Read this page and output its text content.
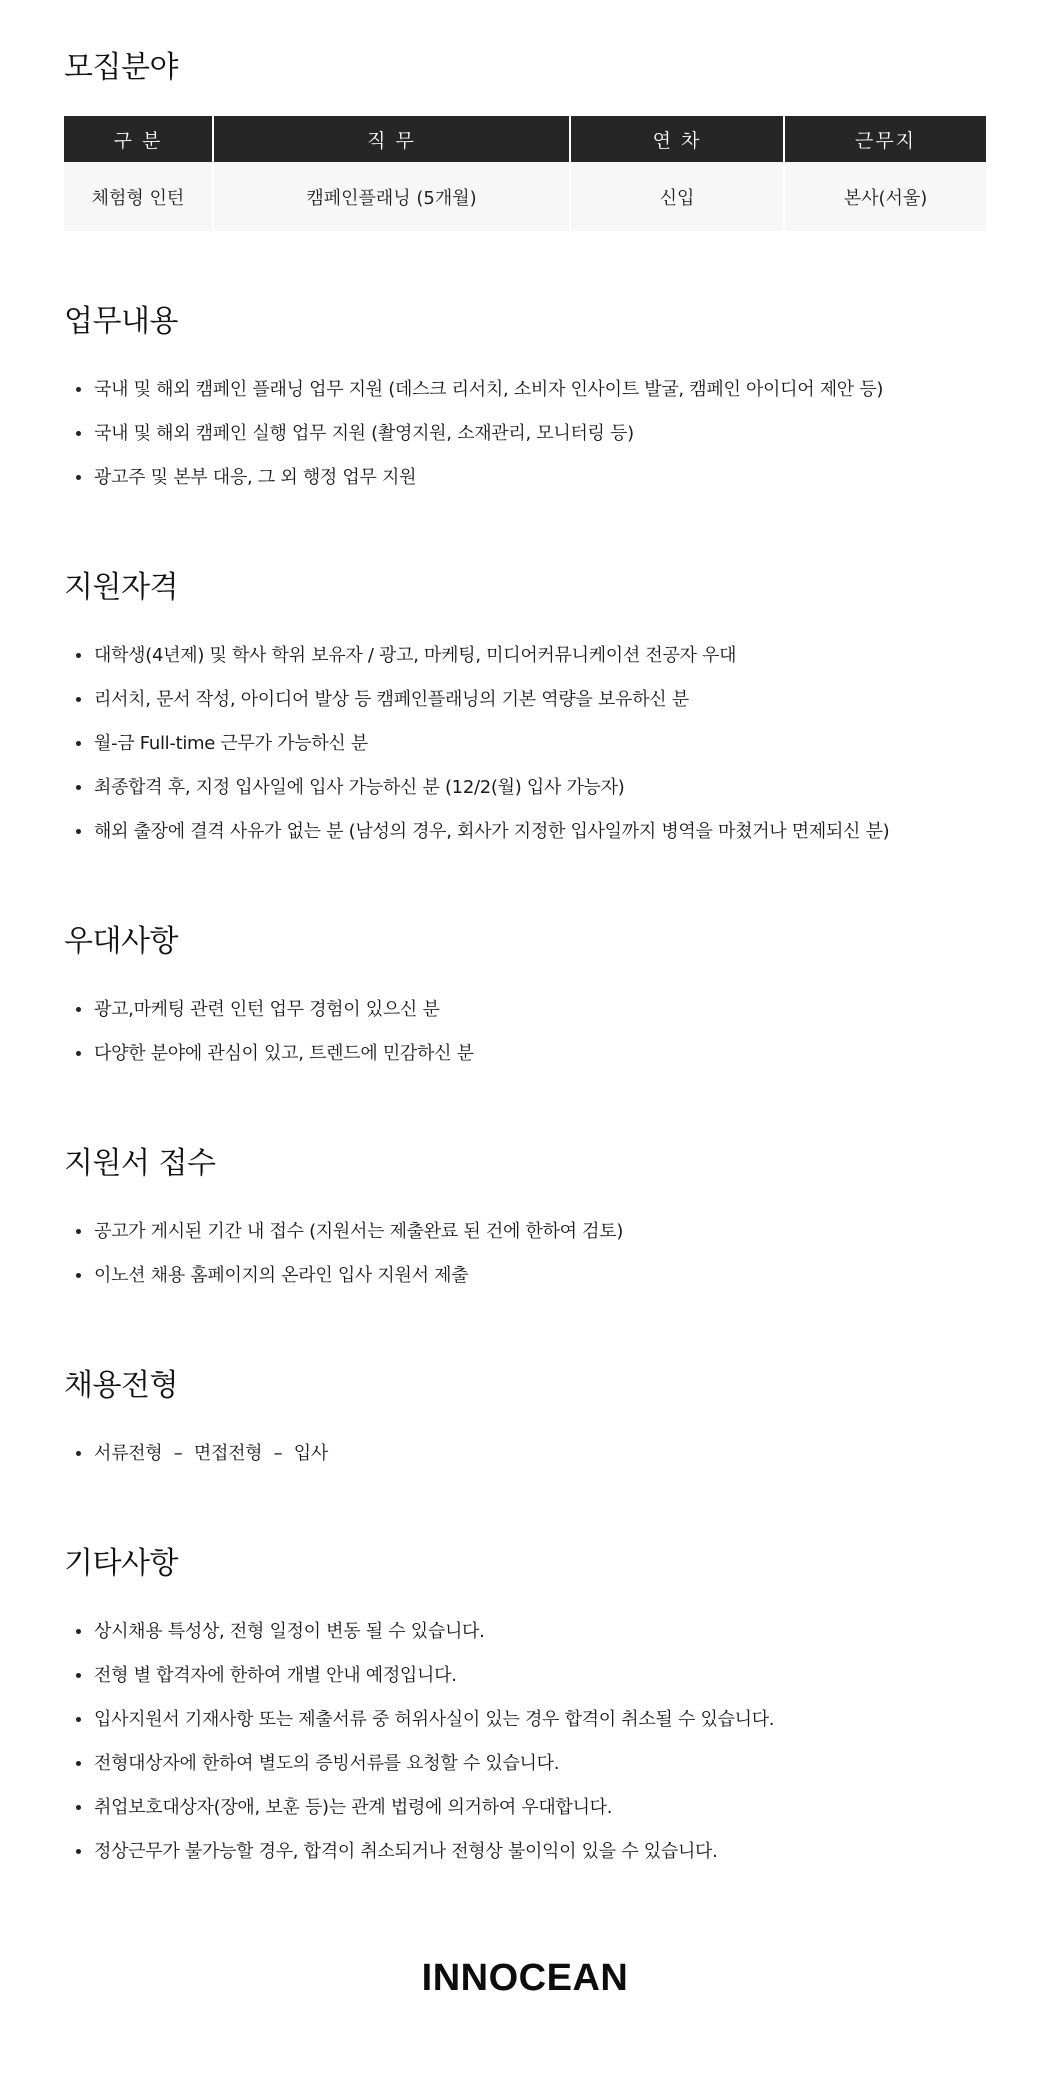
모집분야
구 분	직 무	연 차	근무지
체험형 인턴	캠페인플래닝 (5개월)	신입	본사(서울)
업무내용
국내 및 해외 캠페인 플래닝 업무 지원 (데스크 리서치, 소비자 인사이트 발굴, 캠페인 아이디어 제안 등)
국내 및 해외 캠페인 실행 업무 지원 (촬영지원, 소재관리, 모니터링 등)
광고주 및 본부 대응, 그 외 행정 업무 지원
지원자격
대학생(4년제) 및 학사 학위 보유자 / 광고, 마케팅, 미디어커뮤니케이션 전공자 우대
리서치, 문서 작성, 아이디어 발상 등 캠페인플래닝의 기본 역량을 보유하신 분
월-금 Full-time 근무가 가능하신 분
최종합격 후, 지정 입사일에 입사 가능하신 분 (12/2(월) 입사 가능자)
해외 출장에 결격 사유가 없는 분 (남성의 경우, 회사가 지정한 입사일까지 병역을 마쳤거나 면제되신 분)
우대사항
광고,마케팅 관련 인턴 업무 경험이 있으신 분
다양한 분야에 관심이 있고, 트렌드에 민감하신 분
지원서 접수
공고가 게시된 기간 내 접수 (지원서는 제출완료 된 건에 한하여 검토)
이노션 채용 홈페이지의 온라인 입사 지원서 제출
채용전형
서류전형 – 면접전형 – 입사
기타사항
상시채용 특성상, 전형 일정이 변동 될 수 있습니다.
전형 별 합격자에 한하여 개별 안내 예정입니다.
입사지원서 기재사항 또는 제출서류 중 허위사실이 있는 경우 합격이 취소될 수 있습니다.
전형대상자에 한하여 별도의 증빙서류를 요청할 수 있습니다.
취업보호대상자(장애, 보훈 등)는 관계 법령에 의거하여 우대합니다.
정상근무가 불가능할 경우, 합격이 취소되거나 전형상 불이익이 있을 수 있습니다.
INNOCEAN
